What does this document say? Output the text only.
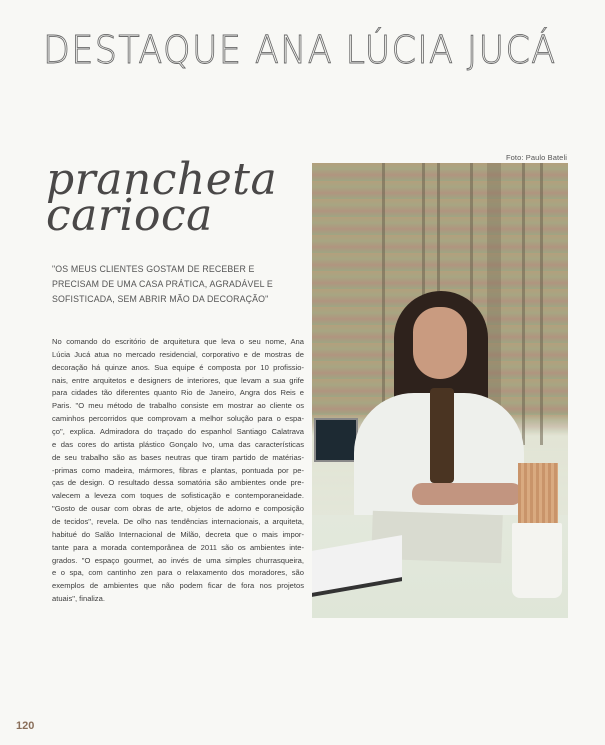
DESTAQUE ANA LÚCIA JUCÁ
Foto: Paulo Bateli
prancheta
carioca
"OS MEUS CLIENTES GOSTAM DE RECEBER E
PRECISAM DE UMA CASA PRÁTICA, AGRADÁVEL E
SOFISTICADA, SEM ABRIR MÃO DA DECORAÇÃO"
No comando do escritório de arquitetura que leva o seu nome, Ana
Lúcia Jucá atua no mercado residencial, corporativo e de mostras de
decoração há quinze anos. Sua equipe é composta por 10 profissio-
nais, entre arquitetos e designers de interiores, que levam a sua grife
para cidades tão diferentes quanto Rio de Janeiro, Angra dos Reis e
Paris. "O meu método de trabalho consiste em mostrar ao cliente os
caminhos percorridos que comprovam a melhor solução para o espa-
ço", explica. Admiradora do traçado do espanhol Santiago Calatrava
e das cores do artista plástico Gonçalo Ivo, uma das características
de seu trabalho são as bases neutras que tiram partido de matérias-
-primas como madeira, mármores, fibras e plantas, pontuada por pe-
ças de design. O resultado dessa somatória são ambientes onde pre-
valecem a leveza com toques de sofisticação e contemporaneidade.
"Gosto de ousar com obras de arte, objetos de adorno e composição
de tecidos", revela. De olho nas tendências internacionais, a arquiteta,
habitué do Salão Internacional de Milão, decreta que o mais impor-
tante para a morada contemporânea de 2011 são os ambientes inte-
grados. "O espaço gourmet, ao invés de uma simples churrasqueira,
e o spa, com cantinho zen para o relaxamento dos moradores, são
exemplos de ambientes que não podem ficar de fora nos projetos
atuais", finaliza.
120
